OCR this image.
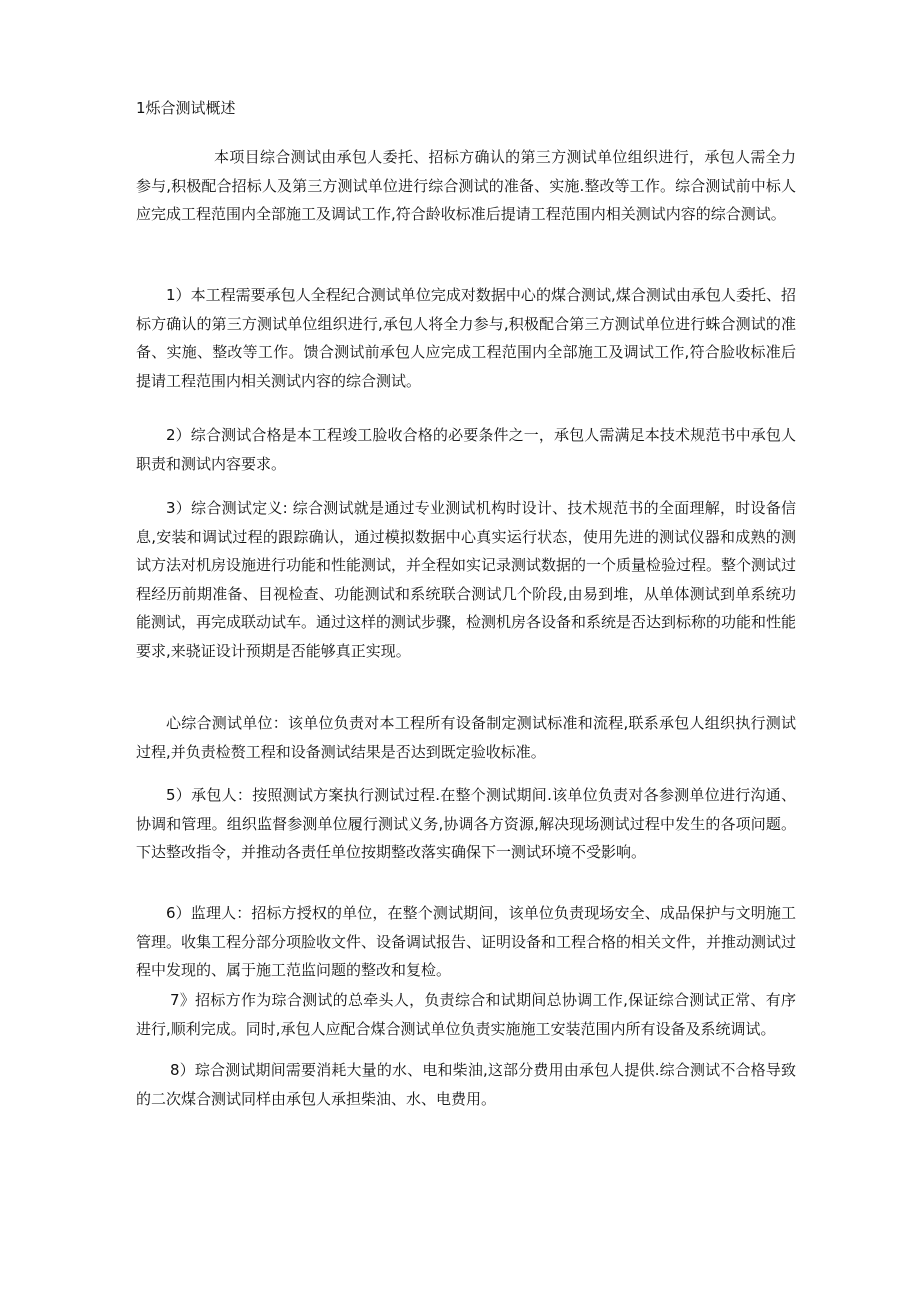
1烁合测试概述

本项目综合测试由承包人委托、招标方确认的第三方测试单位组织进行，承包人需全力参与,积极配合招标人及第三方测试单位进行综合测试的准备、实施.整改等工作。综合测试前中标人应完成工程范围内全部施工及调试工作,符合龄收标准后提请工程范围内相关测试内容的综合测试。

1）本工程需要承包人全程纪合测试单位完成对数据中心的煤合测试,煤合测试由承包人委托、招标方确认的第三方测试单位组织进行,承包人将全力参与,积极配合第三方测试单位进行蛛合测试的准备、实施、整改等工作。馈合测试前承包人应完成工程范围内全部施工及调试工作,符合脸收标准后提请工程范围内相关测试内容的综合测试。

2）综合测试合格是本工程竣工脸收合格的必要条件之一，承包人需满足本技术规范书中承包人职责和测试内容要求。

3）综合测试定义: 综合测试就是通过专业测试机构时设计、技术规范书的全面理解，时设备信息,安装和调试过程的跟踪确认，通过模拟数据中心真实运行状态，使用先进的测试仪器和成熟的测试方法对机房设施进行功能和性能测试，并全程如实记录测试数据的一个质量检验过程。整个测试过程经历前期准备、目视检查、功能测试和系统联合测试几个阶段,由易到堆，从单体测试到单系统功能测试，再完成联动试车。通过这样的测试步骤，检测机房各设备和系统是否达到标称的功能和性能要求,来骁证设计预期是否能够真正实现。

心综合测试单位：该单位负责对本工程所有设备制定测试标准和流程,联系承包人组织执行测试过程,并负责检赘工程和设备测试结果是否达到既定验收标准。

5）承包人：按照测试方案执行测试过程.在整个测试期间.该单位负责对各参测单位进行沟通、协调和管理。组织监督参测单位履行测试义务,协调各方资源,解决现场测试过程中发生的各项问题。下达整改指令，并推动各责任单位按期整改落实确保下一测试环境不受影响。

6）监理人：招标方授权的单位，在整个测试期间，该单位负责现场安全、成品保护与文明施工管理。收集工程分部分项脸收文件、设备调试报告、证明设备和工程合格的相关文件，并推动测试过程中发现的、属于施工范监问题的整改和复检。

7》招标方作为琮合测试的总牵头人，负责综合和试期间总协调工作,保证综合测试正常、有序进行,顺利完成。同时,承包人应配合煤合测试单位负责实施施工安装范围内所有设备及系统调试。

8）琮合测试期间需要消耗大量的水、电和柴油,这部分费用由承包人提供.综合测试不合格导致的二次煤合测试同样由承包人承担柴油、水、电费用。
